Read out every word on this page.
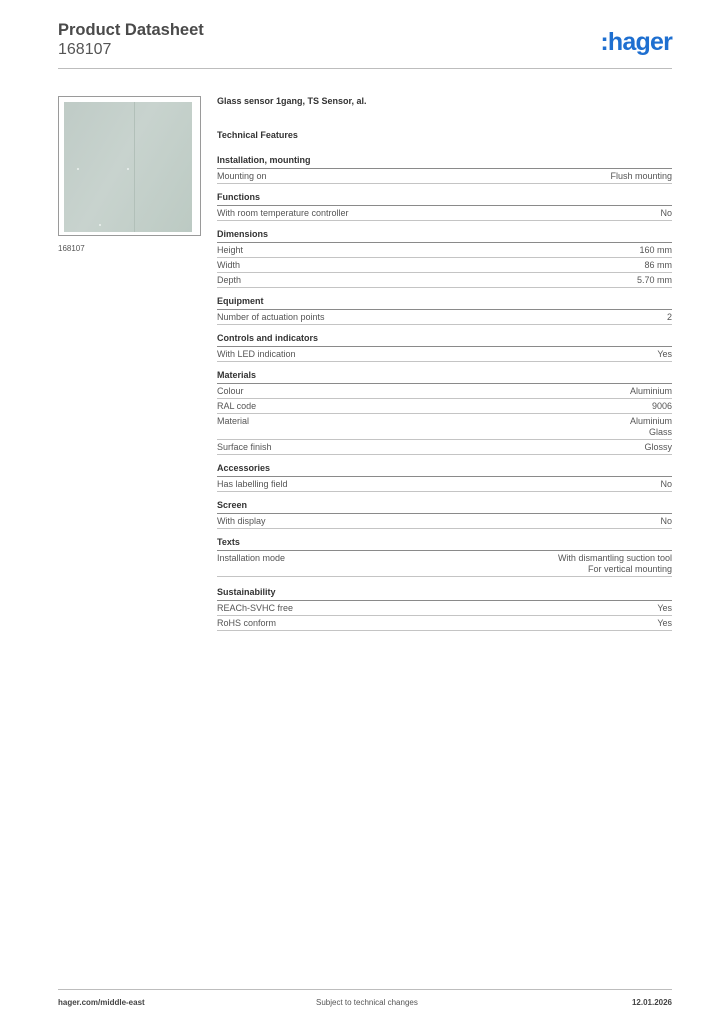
Product Datasheet
168107	:hager
168107
Glass sensor 1gang, TS Sensor, al.
Technical Features
Installation, mounting
Mounting on	Flush mounting
Functions
With room temperature controller	No
Dimensions
Height	160 mm
Width	86 mm
Depth	5.70 mm
Equipment
Number of actuation points	2
Controls and indicators
With LED indication	Yes
Materials
Colour	Aluminium
RAL code	9006
Material	Aluminium
Glass
Surface finish	Glossy
Accessories
Has labelling field	No
Screen
With display	No
Texts
Installation mode	With dismantling suction tool
For vertical mounting
Sustainability
REACh-SVHC free	Yes
RoHS conform	Yes
hager.com/middle-east	Subject to technical changes	12.01.2026
